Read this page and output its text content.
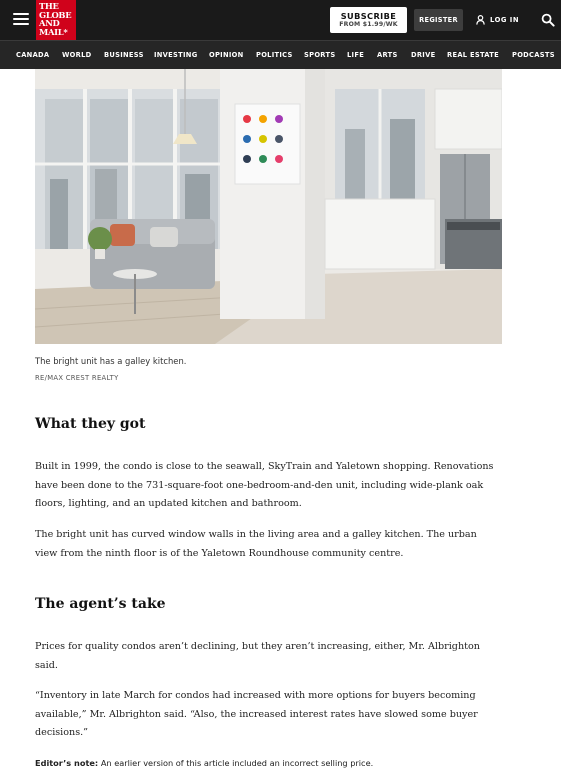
THE
GLOBE
AND
MAIL*
SUBSCRIBE
FROM $1.99/WK
REGISTER	LOG IN
CANADA WORLD BUSINESS INVESTING OPINION POLITICS SPORTS LIFE ARTS DRIVE REAL ESTATE PODCASTS
The bright unit has a galley kitchen.
RE/MAX CREST REALTY
What they got

Built in 1999, the condo is close to the seawall, SkyTrain and Yaletown shopping. Renovations have been done to the 731-square-foot one-bedroom-and-den unit, including wide-plank oak floors, lighting, and an updated kitchen and bathroom.

The bright unit has curved window walls in the living area and a galley kitchen. The urban view from the ninth floor is of the Yaletown Roundhouse community centre.

The agent’s take

Prices for quality condos aren’t declining, but they aren’t increasing, either, Mr. Albrighton said.

“Inventory in late March for condos had increased with more options for buyers becoming available,” Mr. Albrighton said. “Also, the increased interest rates have slowed some buyer decisions.”

Editor’s note: An earlier version of this article included an incorrect selling price.
